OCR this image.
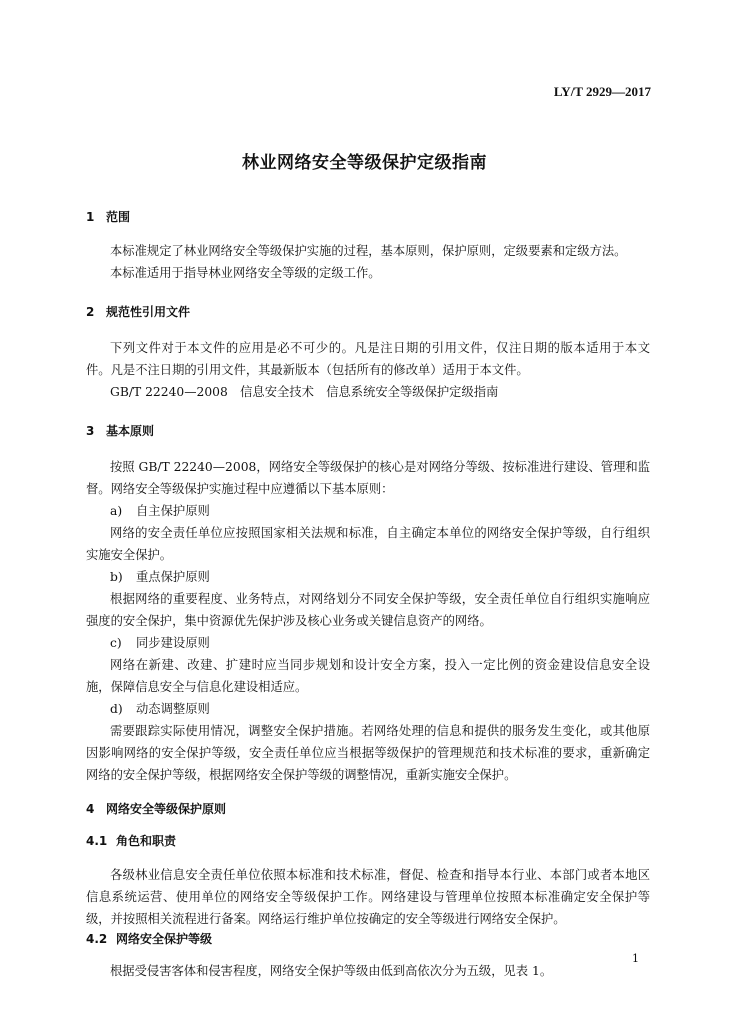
LY/T 2929—2017
林业网络安全等级保护定级指南
1 范围
本标准规定了林业网络安全等级保护实施的过程，基本原则，保护原则，定级要素和定级方法。
本标准适用于指导林业网络安全等级的定级工作。
2 规范性引用文件
下列文件对于本文件的应用是必不可少的。凡是注日期的引用文件，仅注日期的版本适用于本文件。凡是不注日期的引用文件，其最新版本（包括所有的修改单）适用于本文件。
GB/T 22240—2008　信息安全技术　信息系统安全等级保护定级指南
3 基本原则
按照 GB/T 22240—2008，网络安全等级保护的核心是对网络分等级、按标准进行建设、管理和监督。网络安全等级保护实施过程中应遵循以下基本原则：
a) 自主保护原则
网络的安全责任单位应按照国家相关法规和标准，自主确定本单位的网络安全保护等级，自行组织实施安全保护。
b) 重点保护原则
根据网络的重要程度、业务特点，对网络划分不同安全保护等级，安全责任单位自行组织实施响应强度的安全保护，集中资源优先保护涉及核心业务或关键信息资产的网络。
c) 同步建设原则
网络在新建、改建、扩建时应当同步规划和设计安全方案，投入一定比例的资金建设信息安全设施，保障信息安全与信息化建设相适应。
d) 动态调整原则
需要跟踪实际使用情况，调整安全保护措施。若网络处理的信息和提供的服务发生变化，或其他原因影响网络的安全保护等级，安全责任单位应当根据等级保护的管理规范和技术标准的要求，重新确定网络的安全保护等级，根据网络安全保护等级的调整情况，重新实施安全保护。
4 网络安全等级保护原则
4.1 角色和职责
各级林业信息安全责任单位依照本标准和技术标准，督促、检查和指导本行业、本部门或者本地区信息系统运营、使用单位的网络安全等级保护工作。网络建设与管理单位按照本标准确定安全保护等级，并按照相关流程进行备案。网络运行维护单位按确定的安全等级进行网络安全保护。
4.2 网络安全保护等级
根据受侵害客体和侵害程度，网络安全保护等级由低到高依次分为五级，见表 1。
1
